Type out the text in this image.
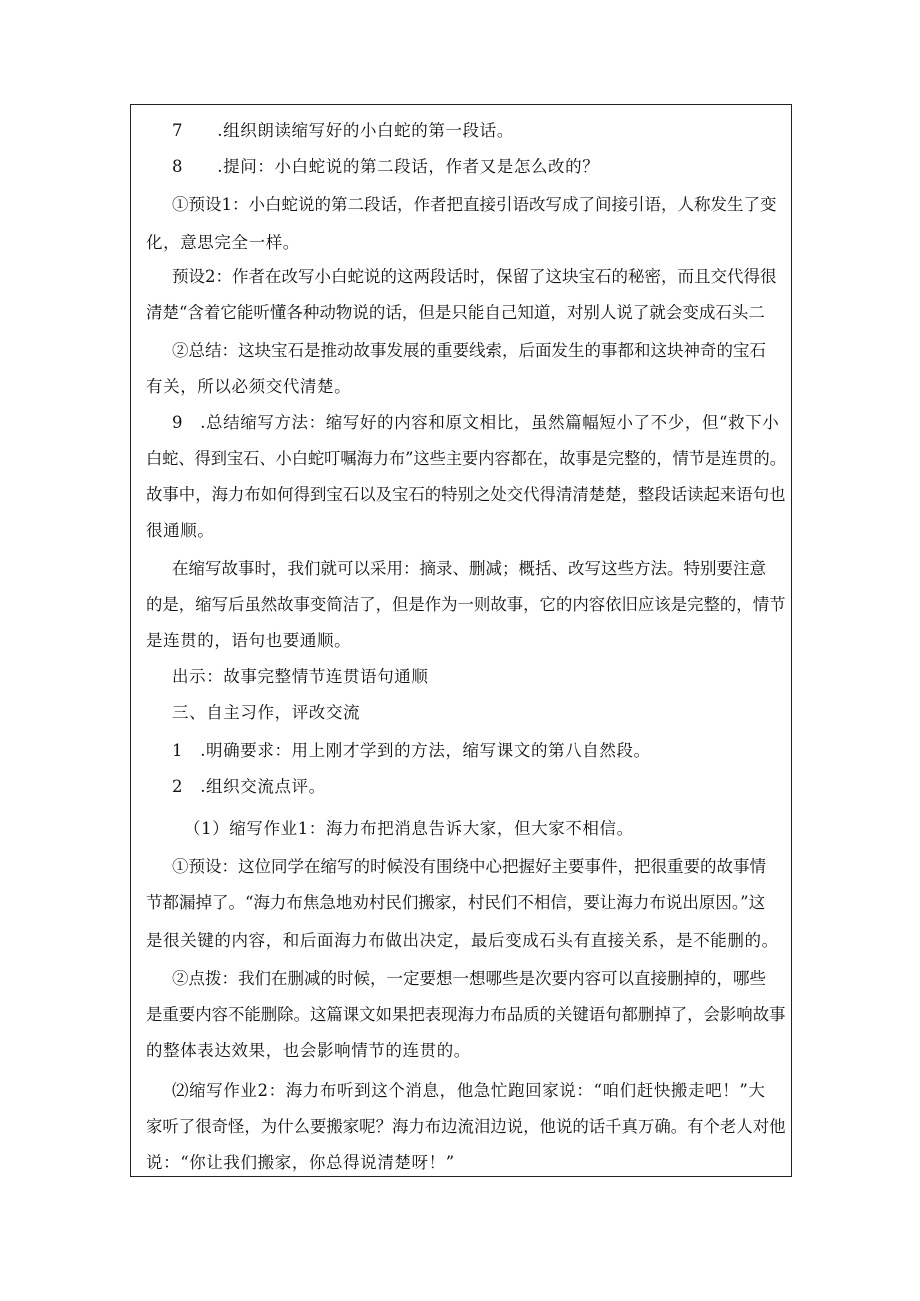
7　　.组织朗读缩写好的小白蛇的第一段话。
8　　.提问：小白蛇说的第二段话，作者又是怎么改的？
①预设1：小白蛇说的第二段话，作者把直接引语改写成了间接引语，人称发生了变
化，意思完全一样。
预设2：作者在改写小白蛇说的这两段话时，保留了这块宝石的秘密，而且交代得很
清楚“含着它能听懂各种动物说的话，但是只能自己知道，对别人说了就会变成石头二
②总结：这块宝石是推动故事发展的重要线索，后面发生的事都和这块神奇的宝石
有关，所以必须交代清楚。
9　.总结缩写方法：缩写好的内容和原文相比，虽然篇幅短小了不少，但“救下小
白蛇、得到宝石、小白蛇叮嘱海力布”这些主要内容都在，故事是完整的，情节是连贯的。
故事中，海力布如何得到宝石以及宝石的特别之处交代得清清楚楚，整段话读起来语句也
很通顺。
在缩写故事时，我们就可以采用：摘录、删减；概括、改写这些方法。特别要注意
的是，缩写后虽然故事变简洁了，但是作为一则故事，它的内容依旧应该是完整的，情节
是连贯的，语句也要通顺。
出示：故事完整情节连贯语句通顺
三、自主习作，评改交流
1　.明确要求：用上刚才学到的方法，缩写课文的第八自然段。
2　.组织交流点评。
（1）缩写作业1：海力布把消息告诉大家，但大家不相信。
①预设：这位同学在缩写的时候没有围绕中心把握好主要事件，把很重要的故事情
节都漏掉了。“海力布焦急地劝村民们搬家，村民们不相信，要让海力布说出原因。”这
是很关键的内容，和后面海力布做出决定，最后变成石头有直接关系，是不能删的。
②点拨：我们在删减的时候，一定要想一想哪些是次要内容可以直接删掉的，哪些
是重要内容不能删除。这篇课文如果把表现海力布品质的关键语句都删掉了，会影响故事
的整体表达效果，也会影响情节的连贯的。
⑵缩写作业2：海力布听到这个消息，他急忙跑回家说：“咱们赶快搬走吧！”大
家听了很奇怪，为什么要搬家呢？海力布边流泪边说，他说的话千真万确。有个老人对他
说：“你让我们搬家，你总得说清楚呀！”
